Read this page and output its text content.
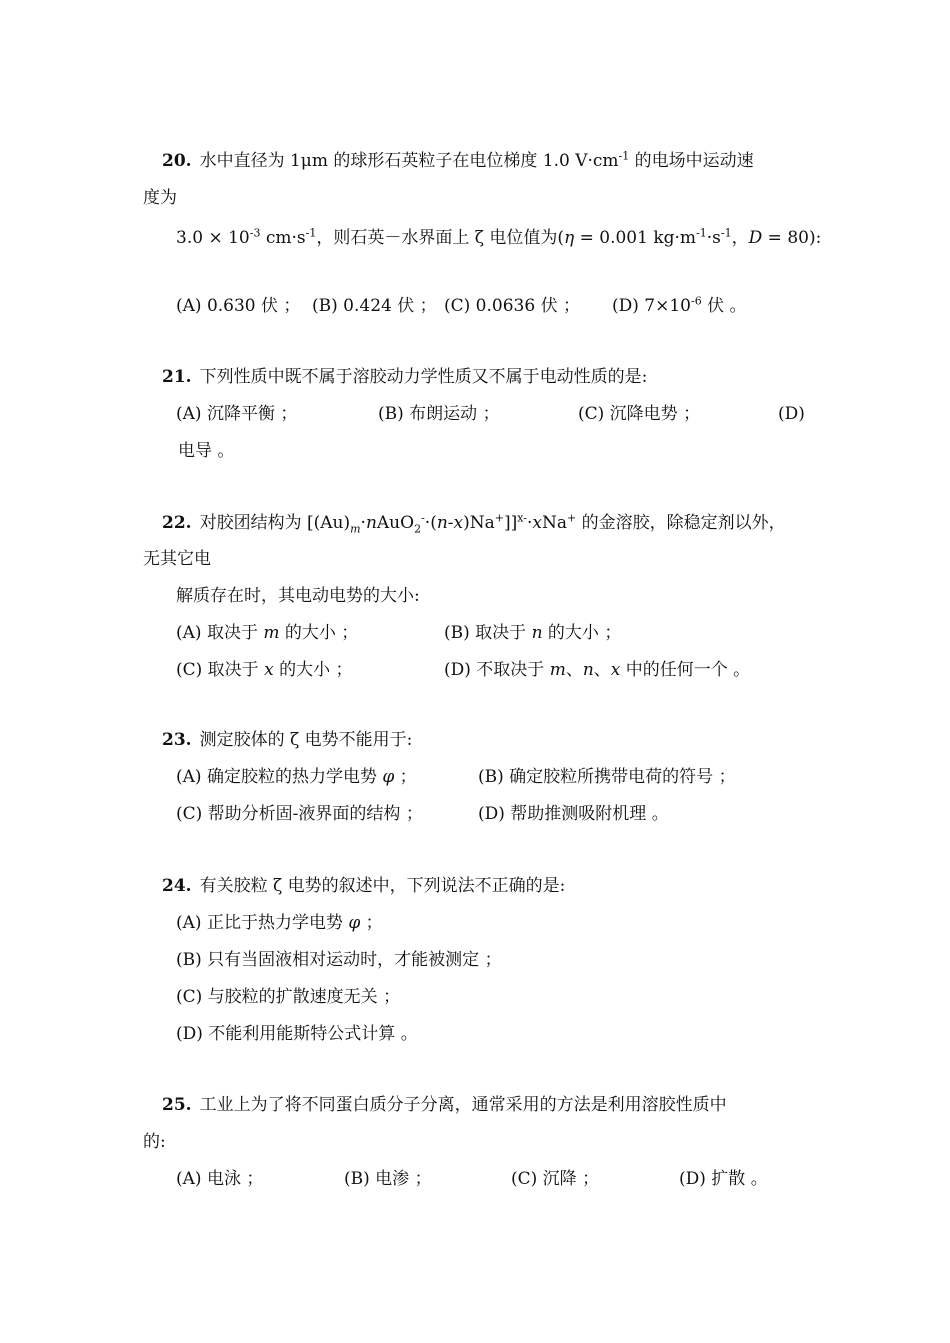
20. 水中直径为 1μm 的球形石英粒子在电位梯度 1.0 $V\cdot cm^{-1}$ 的电场中运动速
度为
$3.0 \times 10^{-3}$ $cm\cdot s^{-1}$，则石英－水界面上 ζ 电位值为(η = 0.001 $kg\cdot m^{-1}\cdot s^{-1}$，D = 80):
(A) 0.630 伏 ； (B) 0.424 伏 ； (C) 0.0636 伏 ； (D) $7\times 10^{-6}$ 伏 。
21. 下列性质中既不属于溶胶动力学性质又不属于电动性质的是:
(A) 沉降平衡 ；	(B) 布朗运动 ；	(C) 沉降电势 ；	(D)
电导 。
22. 对胶团结构为 $[(Au)_m\cdot nAuO_2^-\cdot(n-x)Na^+]]^{x-}\cdot xNa^+$ 的金溶胶，除稳定剂以外，
无其它电
解质存在时，其电动电势的大小:
(A) 取决于 m 的大小 ；	(B) 取决于 n 的大小 ；
(C) 取决于 x 的大小 ；	(D) 不取决于 m、n、x 中的任何一个 。
23. 测定胶体的 ζ 电势不能用于:
(A) 确定胶粒的热力学电势 φ ；	(B) 确定胶粒所携带电荷的符号 ；
(C) 帮助分析固-液界面的结构 ；	(D) 帮助推测吸附机理 。
24. 有关胶粒 ζ 电势的叙述中，下列说法不正确的是:
(A) 正比于热力学电势 φ ；
(B) 只有当固液相对运动时，才能被测定 ；
(C) 与胶粒的扩散速度无关 ；
(D) 不能利用能斯特公式计算 。
25. 工业上为了将不同蛋白质分子分离，通常采用的方法是利用溶胶性质中
的:
(A) 电泳 ；	(B) 电渗 ；	(C) 沉降 ；	(D) 扩散 。
